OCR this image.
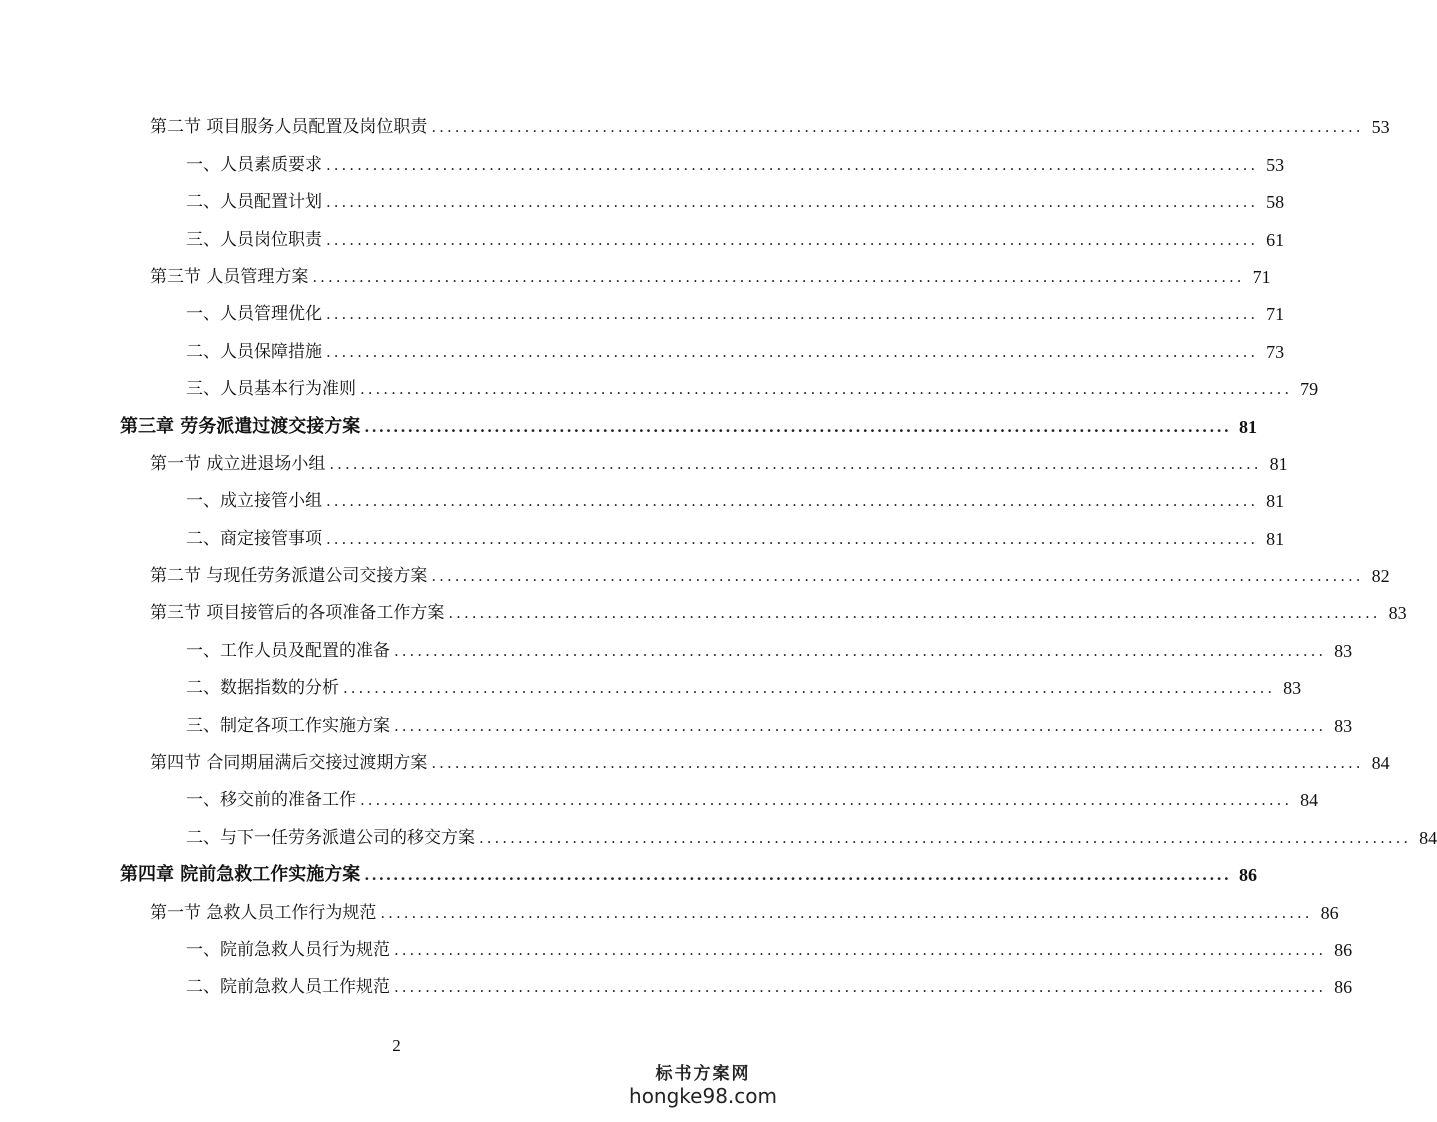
第二节 项目服务人员配置及岗位职责 ........................................................................................................................ 53
一、人员素质要求 ........................................................................................................................ 53
二、人员配置计划 ........................................................................................................................ 58
三、人员岗位职责 ........................................................................................................................ 61
第三节 人员管理方案 ........................................................................................................................ 71
一、人员管理优化 ........................................................................................................................ 71
二、人员保障措施 ........................................................................................................................ 73
三、人员基本行为准则 ........................................................................................................................ 79
第三章 劳务派遣过渡交接方案 ........................................................................................................................ 81
第一节 成立进退场小组 ........................................................................................................................ 81
一、成立接管小组 ........................................................................................................................ 81
二、商定接管事项 ........................................................................................................................ 81
第二节 与现任劳务派遣公司交接方案 ........................................................................................................................ 82
第三节 项目接管后的各项准备工作方案 ........................................................................................................................ 83
一、工作人员及配置的准备 ........................................................................................................................ 83
二、数据指数的分析 ........................................................................................................................ 83
三、制定各项工作实施方案 ........................................................................................................................ 83
第四节 合同期届满后交接过渡期方案 ........................................................................................................................ 84
一、移交前的准备工作 ........................................................................................................................ 84
二、与下一任劳务派遣公司的移交方案 ........................................................................................................................ 84
第四章 院前急救工作实施方案 ........................................................................................................................ 86
第一节 急救人员工作行为规范 ........................................................................................................................ 86
一、院前急救人员行为规范 ........................................................................................................................ 86
二、院前急救人员工作规范 ........................................................................................................................ 86
2
标书方案网
hongke98.com
